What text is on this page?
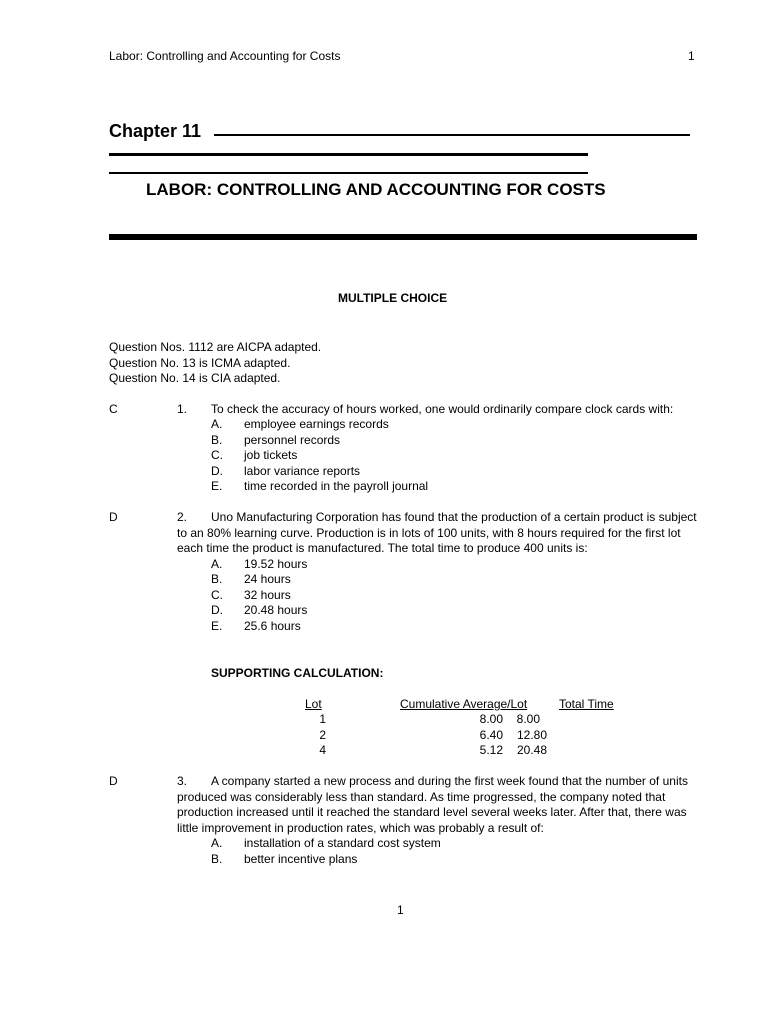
Labor: Controlling and Accounting for Costs	1
Chapter 11
LABOR: CONTROLLING AND ACCOUNTING FOR COSTS
MULTIPLE CHOICE
Question Nos. 1112 are AICPA adapted.
Question No. 13 is ICMA adapted.
Question No. 14 is CIA adapted.
C	1. To check the accuracy of hours worked, one would ordinarily compare clock cards with:
A. employee earnings records
B. personnel records
C. job tickets
D. labor variance reports
E. time recorded in the payroll journal
D	2. Uno Manufacturing Corporation has found that the production of a certain product is subject to an 80% learning curve. Production is in lots of 100 units, with 8 hours required for the first lot each time the product is manufactured. The total time to produce 400 units is:
A. 19.52 hours
B. 24 hours
C. 32 hours
D. 20.48 hours
E. 25.6 hours
SUPPORTING CALCULATION:
Lot	Cumulative Average/Lot	Total Time
1	8.00	8.00
2	6.40	12.80
4	5.12	20.48
D	3. A company started a new process and during the first week found that the number of units produced was considerably less than standard. As time progressed, the company noted that production increased until it reached the standard level several weeks later. After that, there was little improvement in production rates, which was probably a result of:
A. installation of a standard cost system
B. better incentive plans
1
